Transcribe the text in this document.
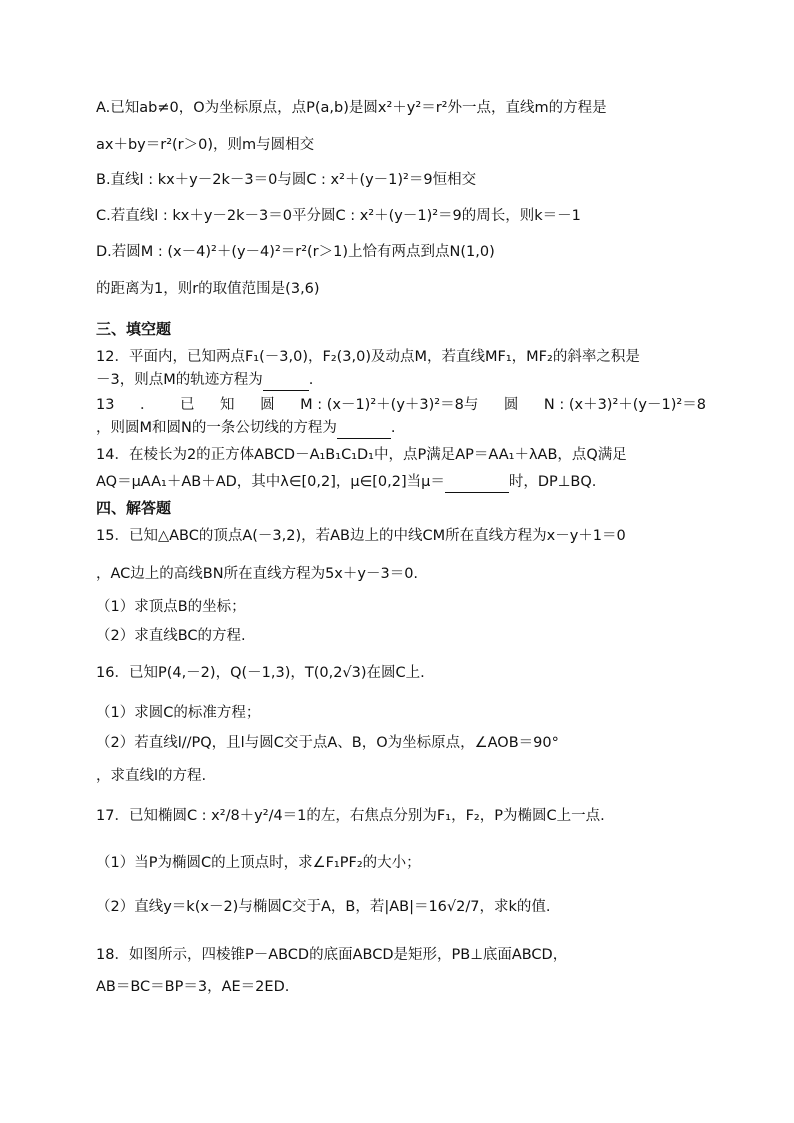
A.已知ab≠0，O为坐标原点，点P(a,b)是圆x²＋y²＝r²外一点，直线m的方程是
ax＋by＝r²(r＞0)，则m与圆相交
B.直线l : kx＋y－2k－3＝0与圆C : x²＋(y－1)²＝9恒相交
C.若直线l : kx＋y－2k－3＝0平分圆C : x²＋(y－1)²＝9的周长，则k＝－1
D.若圆M : (x－4)²＋(y－4)²＝r²(r＞1)上恰有两点到点N(1,0)
的距离为1，则r的取值范围是(3,6)
三、填空题
12．平面内，已知两点F₁(－3,0)，F₂(3,0)及动点M，若直线MF₁，MF₂的斜率之积是
－3，则点M的轨迹方程为	.
13 ． 已 知 圆 M : (x－1)²＋(y＋3)²＝8与 圆 N : (x＋3)²＋(y－1)²＝8
，则圆M和圆N的一条公切线的方程为	.
14．在棱长为2的正方体ABCD－A₁B₁C₁D₁中，点P满足AP＝AA₁＋λAB，点Q满足
AQ＝μAA₁＋AB＋AD，其中λ∈[0,2]，μ∈[0,2]当μ＝	时，DP⊥BQ.
四、解答题
15．已知△ABC的顶点A(－3,2)，若AB边上的中线CM所在直线方程为x－y＋1＝0
，AC边上的高线BN所在直线方程为5x＋y－3＝0.
（1）求顶点B的坐标；
（2）求直线BC的方程.
16．已知P(4,－2)，Q(－1,3)，T(0,2√3)在圆C上.
（1）求圆C的标准方程；
（2）若直线l//PQ，且l与圆C交于点A、B，O为坐标原点，∠AOB＝90°
，求直线l的方程.
17．已知椭圆C : x²/8＋y²/4＝1的左，右焦点分别为F₁，F₂，P为椭圆C上一点.
（1）当P为椭圆C的上顶点时，求∠F₁PF₂的大小；
（2）直线y＝k(x－2)与椭圆C交于A，B，若|AB|＝16√2/7，求k的值.
18．如图所示，四棱锥P－ABCD的底面ABCD是矩形，PB⊥底面ABCD，
AB＝BC＝BP＝3，AE＝2ED.
